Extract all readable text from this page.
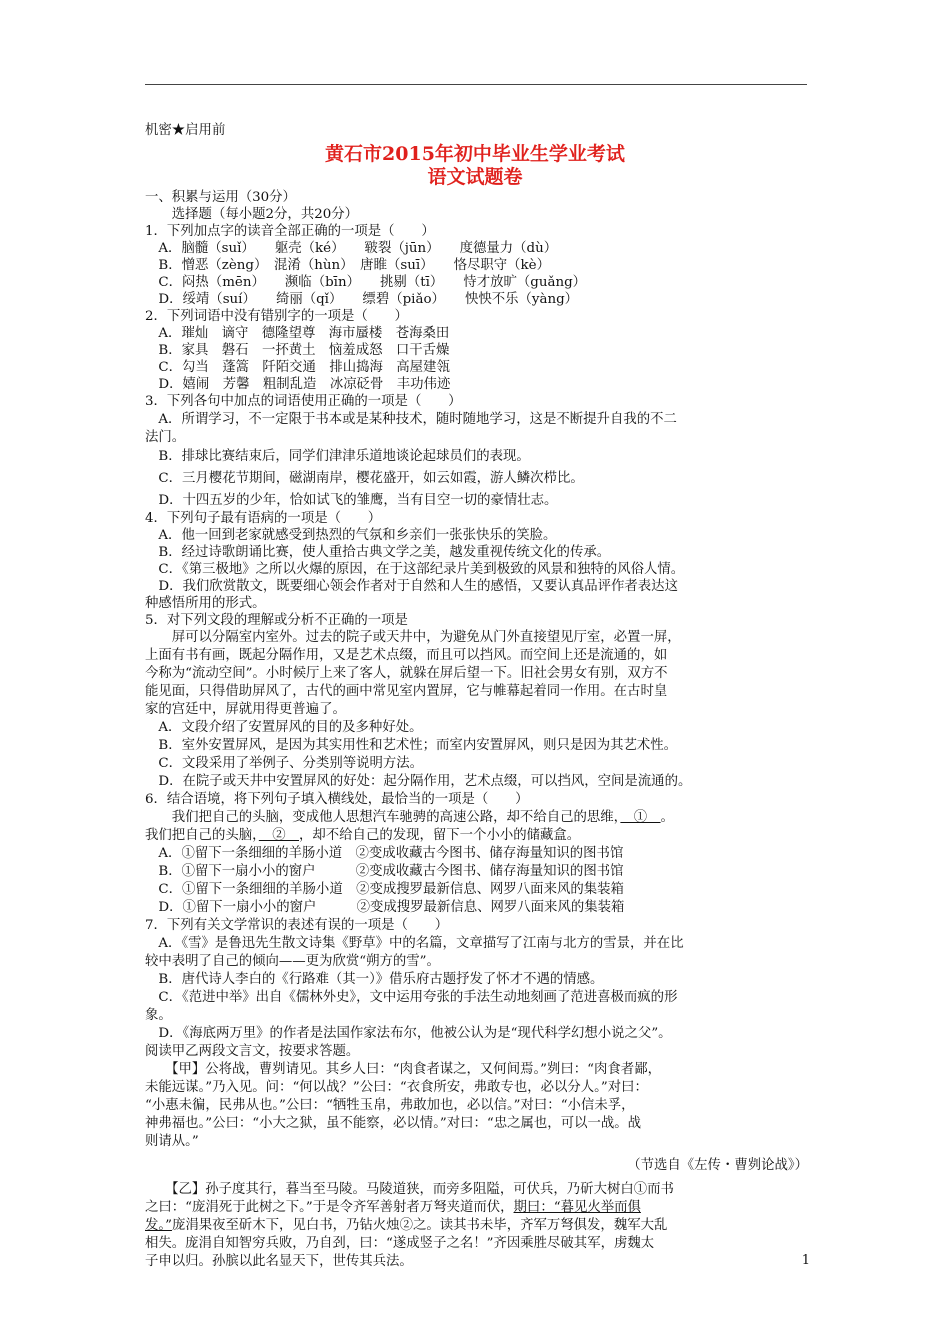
机密★启用前
黄石市2015年初中毕业生学业考试
语文试题卷
一、积累与运用（30分）
　　选择题（每小题2分，共20分）
1．下列加点字的读音全部正确的一项是（　　）
　A．脑髓（suǐ）　　躯壳（ké）　　皲裂（jūn）　　度德量力（dù）
　B．憎恶（zèng）　混淆（hùn）　唐睢（suī）　　恪尽职守（kè）
　C．闷热（mēn）　　濒临（bīn）　　挑剔（tī）　　恃才放旷（guǎng）
　D．绥靖（suí）　　绮丽（qǐ）　　缥碧（piǎo）　　怏怏不乐（yàng）
2．下列词语中没有错别字的一项是（　　）
　A．璀灿　谪守　德隆望尊　海市蜃楼　苍海桑田
　B．家具　磐石　一抔黄土　恼羞成怒　口干舌燥
　C．勾当　蓬篙　阡陌交通　排山捣海　高屋建瓴
　D．嬉闹　芳馨　粗制乱造　冰凉砭骨　丰功伟迹
3．下列各句中加点的词语使用正确的一项是（　　）
　A．所谓学习，不一定限于书本或是某种技术，随时随地学习，这是不断提升自我的不二
法门。
　B．排球比赛结束后，同学们津津乐道地谈论起球员们的表现。
　C．三月樱花节期间，磁湖南岸，樱花盛开，如云如霞，游人鳞次栉比。
　D．十四五岁的少年，恰如试飞的雏鹰，当有目空一切的豪情壮志。
4．下列句子最有语病的一项是（　　）
　A．他一回到老家就感受到热烈的气氛和乡亲们一张张快乐的笑脸。
　B．经过诗歌朗诵比赛，使人重拾古典文学之美，越发重视传统文化的传承。
　C．《第三极地》之所以火爆的原因，在于这部纪录片美到极致的风景和独特的风俗人情。
　D．我们欣赏散文，既要细心领会作者对于自然和人生的感悟，又要认真品评作者表达这
种感悟所用的形式。
5．对下列文段的理解或分析不正确的一项是
　　屏可以分隔室内室外。过去的院子或天井中，为避免从门外直接望见厅室，必置一屏，
上面有书有画，既起分隔作用，又是艺术点缀，而且可以挡风。而空间上还是流通的，如
今称为“流动空间”。小时候厅上来了客人，就躲在屏后望一下。旧社会男女有别，双方不
能见面，只得借助屏风了，古代的画中常见室内置屏，它与帷幕起着同一作用。在古时皇
家的宫廷中，屏就用得更普遍了。
　A．文段介绍了安置屏风的目的及多种好处。
　B．室外安置屏风，是因为其实用性和艺术性；而室内安置屏风，则只是因为其艺术性。
　C．文段采用了举例子、分类别等说明方法。
　D．在院子或天井中安置屏风的好处：起分隔作用，艺术点缀，可以挡风，空间是流通的。
6．结合语境，将下列句子填入横线处，最恰当的一项是（　　）
　　我们把自己的头脑，变成他人思想汽车驰骋的高速公路，却不给自己的思维，　①　。
我们把自己的头脑，　②　，却不给自己的发现，留下一个小小的储藏盒。
　A．①留下一条细细的羊肠小道　②变成收藏古今图书、储存海量知识的图书馆
　B．①留下一扇小小的窗户　　　②变成收藏古今图书、储存海量知识的图书馆
　C．①留下一条细细的羊肠小道　②变成搜罗最新信息、网罗八面来风的集装箱
　D．①留下一扇小小的窗户　　　②变成搜罗最新信息、网罗八面来风的集装箱
7．下列有关文学常识的表述有误的一项是（　　）
　A．《雪》是鲁迅先生散文诗集《野草》中的名篇，文章描写了江南与北方的雪景，并在比
较中表明了自己的倾向——更为欣赏“朔方的雪”。
　B．唐代诗人李白的《行路难（其一）》借乐府古题抒发了怀才不遇的情感。
　C．《范进中举》出自《儒林外史》，文中运用夸张的手法生动地刻画了范进喜极而疯的形
象。
　D．《海底两万里》的作者是法国作家法布尔，他被公认为是“现代科学幻想小说之父”。
阅读甲乙两段文言文，按要求答题。
　　【甲】公将战，曹刿请见。其乡人曰：“肉食者谋之，又何间焉。”刿曰：“肉食者鄙，
未能远谋。”乃入见。问：“何以战？”公曰：“衣食所安，弗敢专也，必以分人。”对曰：
“小惠未徧，民弗从也。”公曰：“牺牲玉帛，弗敢加也，必以信。”对曰：“小信未孚，
神弗福也。”公曰：“小大之狱，虽不能察，必以情。”对曰：“忠之属也，可以一战。战
则请从。”
（节选自《左传・曹刿论战》）
　　【乙】孙子度其行，暮当至马陵。马陵道狭，而旁多阻隘，可伏兵，乃斫大树白①而书
之曰：“庞涓死于此树之下。”于是令齐军善射者万弩夹道而伏，期曰：“暮见火举而俱
发。”庞涓果夜至斫木下，见白书，乃钻火烛②之。读其书未毕，齐军万弩俱发，魏军大乱
相失。庞涓自知智穷兵败，乃自刭，曰：“遂成竖子之名！”齐因乘胜尽破其军，虏魏太
子申以归。孙膑以此名显天下，世传其兵法。	1
